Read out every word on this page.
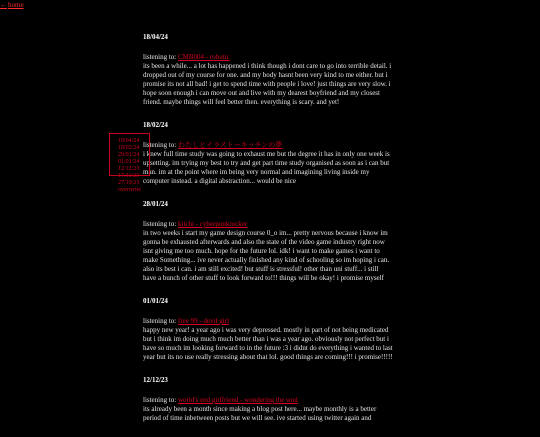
←home
18/04/24

listening to: CMB004 - robotic

its been a while... a lot has happened i think though i dont care to go into terrible detail. i dropped out of my course for one. and my body hasnt been very kind to me either. but i promise its not all bad! i get to spend time with people i love! just things are very slow. i hope soon enough i can move out and live with my dearest boyfriend and my closest friend. maybe things will feel better then. everything is scary. and yet!

18/02/24

listening to: わたしとイラストーキッチンの夢

i knew full time study was going to exhaust me but the degree it has in only one week is upsetting. im trying my best to try and get part time study organised as soon as i can but man. im at the point where im being very normal and imagining living inside my computer instead. a digital abstraction... would be nice

28/01/24

listening to: kitchi - cyberpunkrocker

in two weeks i start my game design course 0_o im... pretty nervous because i know im gonna be exhausted afterwards and also the state of the video game industry right now isnt giving me too much. hope for the future lol. idk! i want to make games i want to make Something... ive never actually finished any kind of schooling so im hoping i can. also its best i can. i am still excited! but stuff is stressful! other than uni stuff... i still have a bunch of other stuff to look forward to!!! things will be okay! i promise myself

01/01/24

listening to: free 99 - devil girl

happy new year! a year ago i was very depressed. mostly in part of not being medicated but i think im doing much much better than i was a year ago. obviously not perfect but i have so much im looking forward to in the future :3 i didnt do everything i wanted to last year but its no use really stressing about that lol. good things are coming!!! i promise!!!!!

12/12/23

listening to: world's end girlfriend - wondering the soul

its already been a month since making a blog post here... maybe monthly is a better period of time inbetween posts but we will see. ive started using twitter again and

18/04/24
18/02/24
29/01/24
01/01/24
12/12/23
17/11/23
27/10/23
overwrite
